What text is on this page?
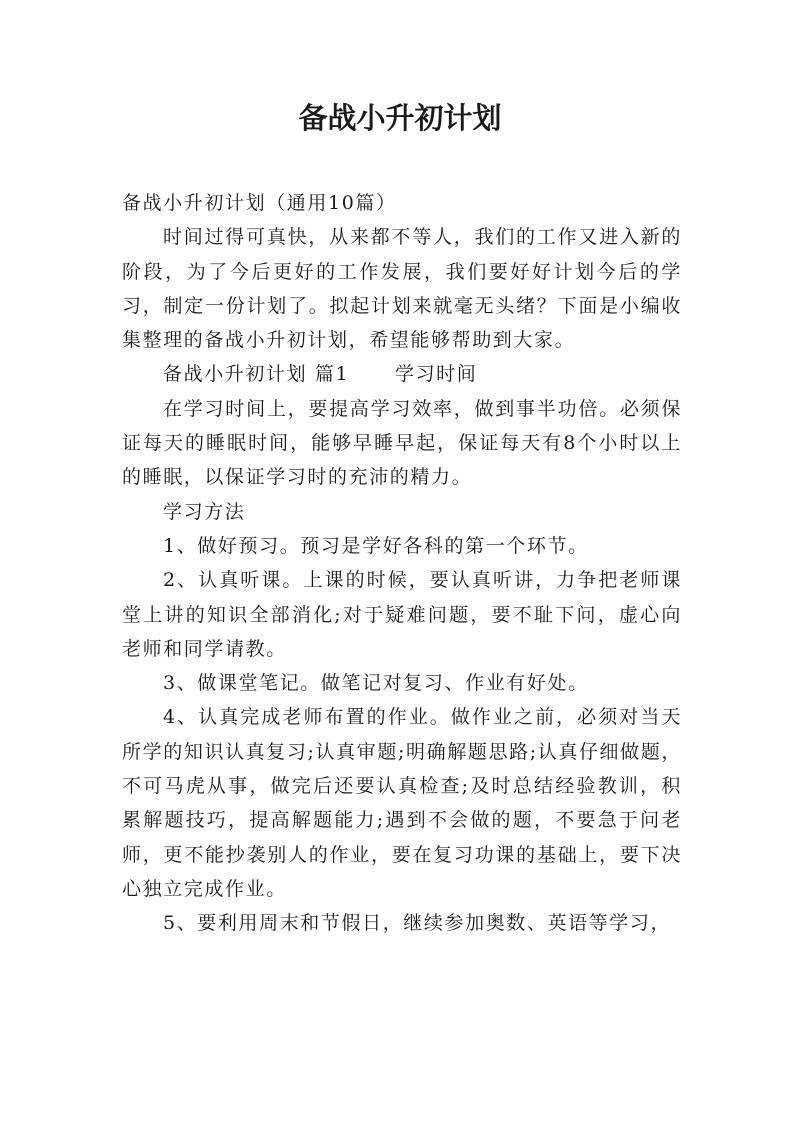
备战小升初计划

备战小升初计划（通用10篇）

时间过得可真快，从来都不等人，我们的工作又进入新的阶段，为了今后更好的工作发展，我们要好好计划今后的学习，制定一份计划了。拟起计划来就毫无头绪？下面是小编收集整理的备战小升初计划，希望能够帮助到大家。

备战小升初计划 篇1 学习时间

在学习时间上，要提高学习效率，做到事半功倍。必须保证每天的睡眠时间，能够早睡早起，保证每天有8个小时以上的睡眠，以保证学习时的充沛的精力。

学习方法

1、做好预习。预习是学好各科的第一个环节。

2、认真听课。上课的时候，要认真听讲，力争把老师课堂上讲的知识全部消化;对于疑难问题，要不耻下问，虚心向老师和同学请教。

3、做课堂笔记。做笔记对复习、作业有好处。

4、认真完成老师布置的作业。做作业之前，必须对当天所学的知识认真复习;认真审题;明确解题思路;认真仔细做题，不可马虎从事，做完后还要认真检查;及时总结经验教训，积累解题技巧，提高解题能力;遇到不会做的题，不要急于问老师，更不能抄袭别人的作业，要在复习功课的基础上，要下决心独立完成作业。

5、要利用周末和节假日，继续参加奥数、英语等学习，
